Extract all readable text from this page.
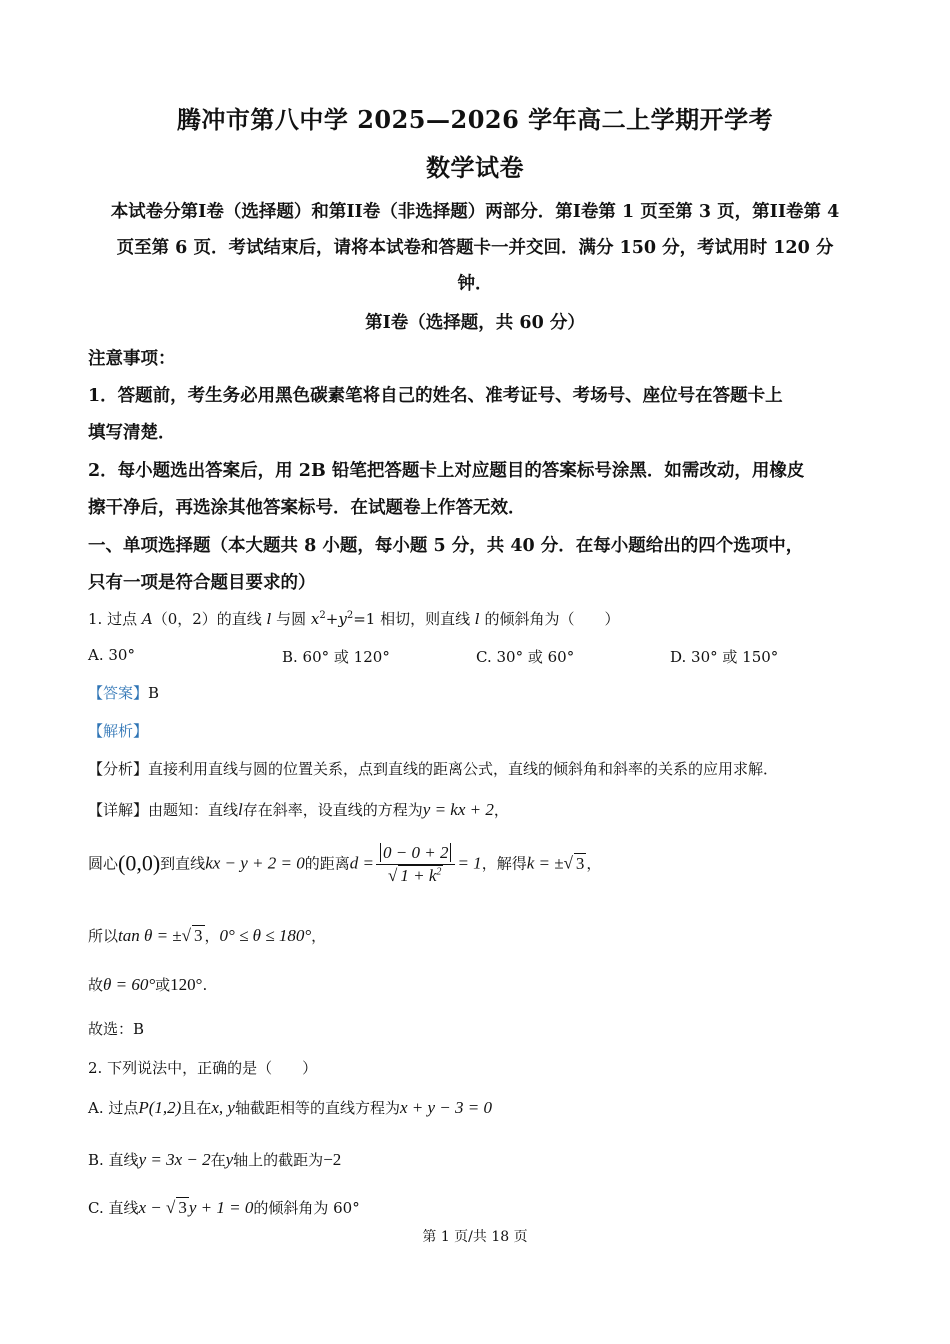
腾冲市第八中学 2025—2026 学年高二上学期开学考
数学试卷
本试卷分第I卷（选择题）和第II卷（非选择题）两部分．第I卷第 1 页至第 3 页，第II卷第 4
页至第 6 页．考试结束后，请将本试卷和答题卡一并交回．满分 150 分，考试用时 120 分
钟．
第I卷（选择题，共 60 分）
注意事项：
1．答题前，考生务必用黑色碳素笔将自己的姓名、准考证号、考场号、座位号在答题卡上
填写清楚．
2．每小题选出答案后，用 2B 铅笔把答题卡上对应题目的答案标号涂黑．如需改动，用橡皮
擦干净后，再选涂其他答案标号．在试题卷上作答无效．
一、单项选择题（本大题共 8 小题，每小题 5 分，共 40 分．在每小题给出的四个选项中，
只有一项是符合题目要求的）
1. 过点 A（0，2）的直线 l 与圆 $x^2+y^2=1$ 相切，则直线 l 的倾斜角为（　　）
A. 30°	B. 60° 或 120°	C. 30° 或 60°	D. 30° 或 150°
【答案】B
【解析】
【分析】直接利用直线与圆的位置关系，点到直线的距离公式，直线的倾斜角和斜率的关系的应用求解．
【详解】由题知：直线l存在斜率，设直线的方程为y = kx + 2，
圆心(0,0)到直线kx − y + 2 = 0的距离$d = \frac{0 - 0 + 2}{√ 1 + k^2} = 1$，解得k = ±√ 3 ，
所以tan θ = ±√ 3 ，0° ≤ θ ≤ 180°，
故θ = 60°或120°.
故选：B
2. 下列说法中，正确的是（　　）
A. 过点P(1,2)且在x, y轴截距相等的直线方程为x + y − 3 = 0
B. 直线y = 3x − 2在y轴上的截距为−2
C. 直线x − √ 3 y + 1 = 0的倾斜角为 60°
第 1 页/共 18 页
